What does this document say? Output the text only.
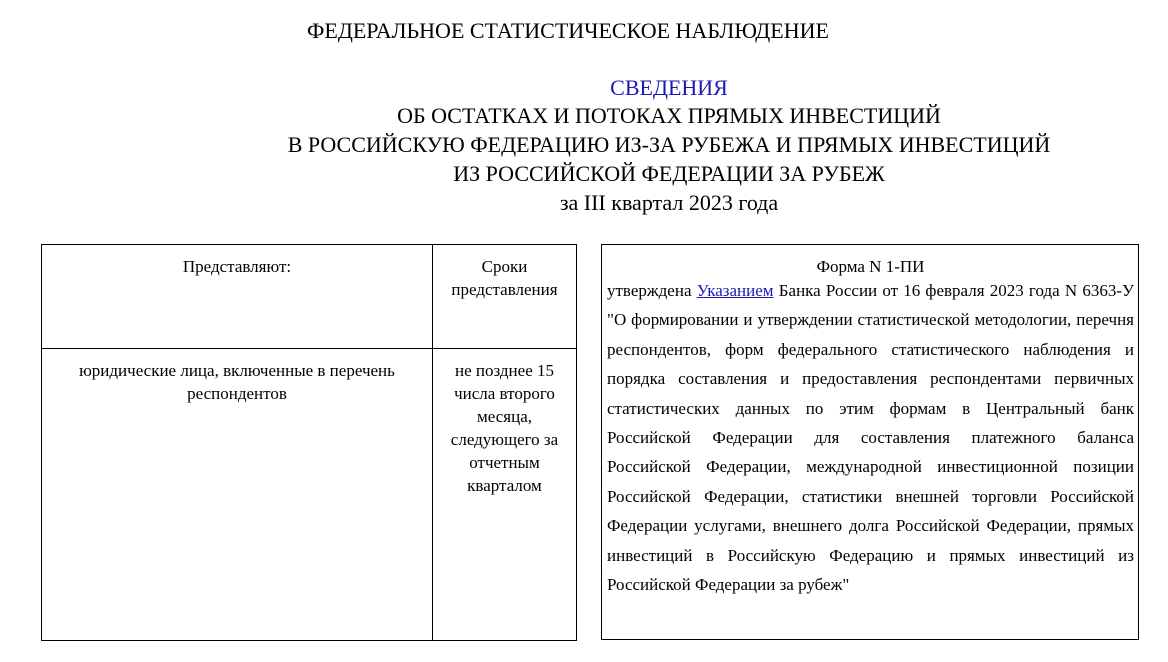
ФЕДЕРАЛЬНОЕ СТАТИСТИЧЕСКОЕ НАБЛЮДЕНИЕ
СВЕДЕНИЯ
ОБ ОСТАТКАХ И ПОТОКАХ ПРЯМЫХ ИНВЕСТИЦИЙ
В РОССИЙСКУЮ ФЕДЕРАЦИЮ ИЗ-ЗА РУБЕЖА И ПРЯМЫХ ИНВЕСТИЦИЙ
ИЗ РОССИЙСКОЙ ФЕДЕРАЦИИ ЗА РУБЕЖ
за III квартал 2023 года
Представляют:	Сроки представления
юридические лица, включенные в перечень респондентов	не позднее 15 числа второго месяца, следующего за отчетным кварталом
Форма N 1-ПИ
утверждена Указанием Банка России от 16 февраля 2023 года N 6363-У "О формировании и утверждении статистической методологии, перечня респондентов, форм федерального статистического наблюдения и порядка составления и предоставления респондентами первичных статистических данных по этим формам в Центральный банк Российской Федерации для составления платежного баланса Российской Федерации, международной инвестиционной позиции Российской Федерации, статистики внешней торговли Российской Федерации услугами, внешнего долга Российской Федерации, прямых инвестиций в Российскую Федерацию и прямых инвестиций из Российской Федерации за рубеж"
